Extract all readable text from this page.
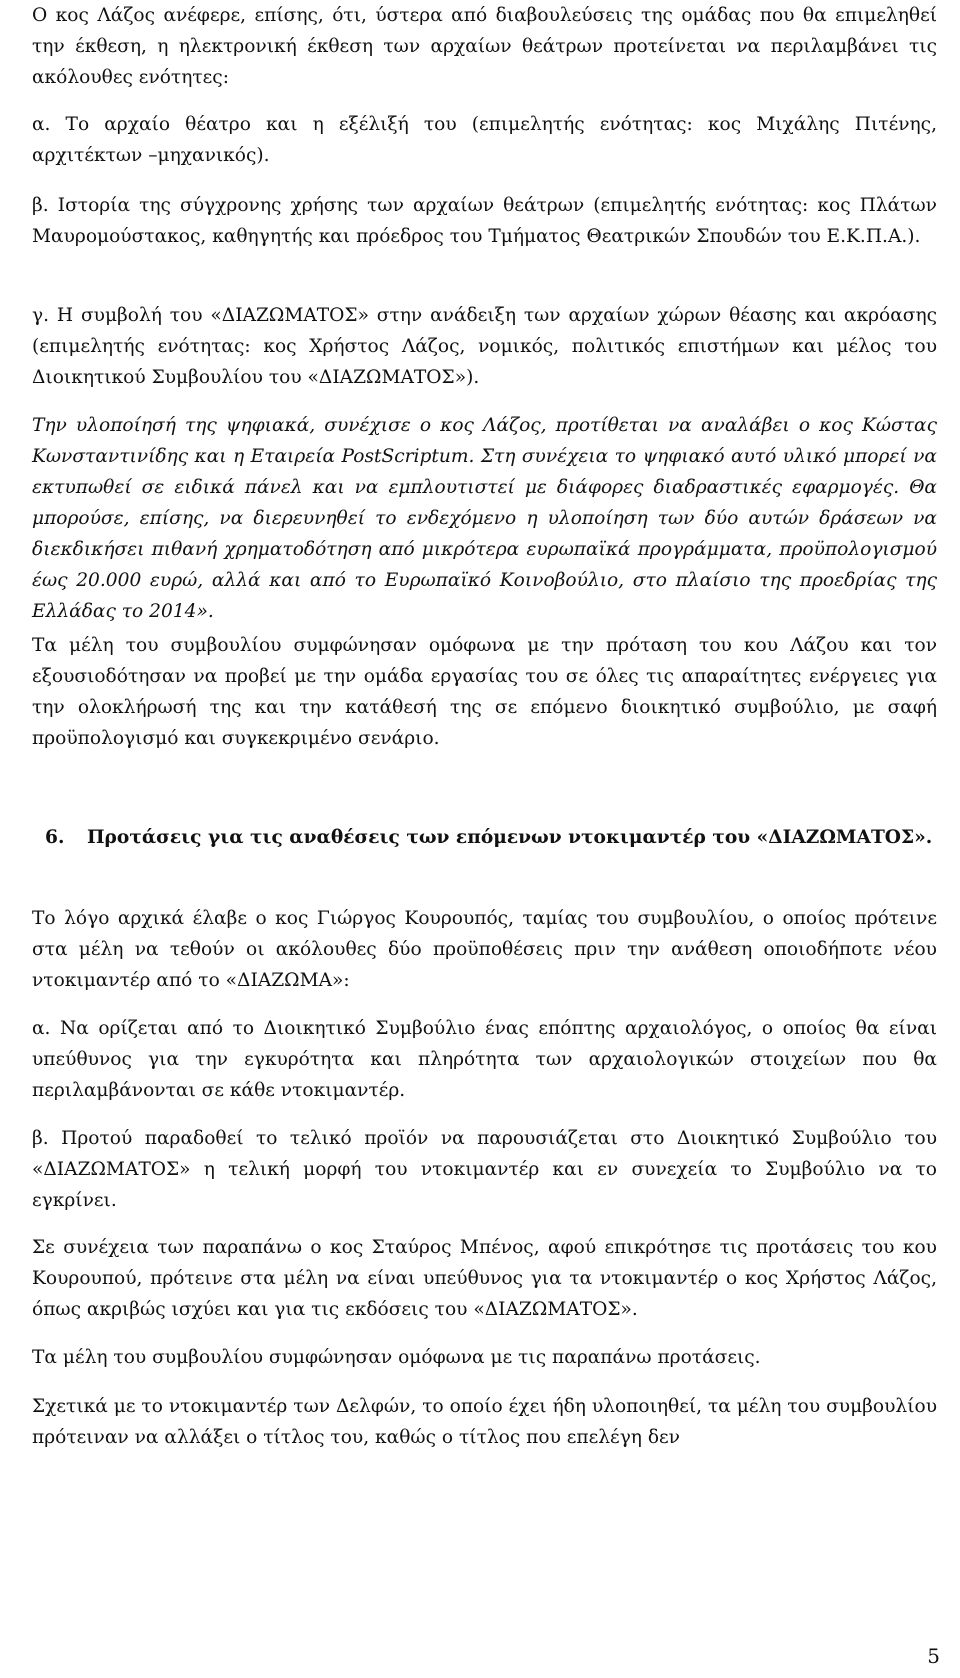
Ο κος Λάζος ανέφερε, επίσης, ότι, ύστερα από διαβουλεύσεις της ομάδας που θα επιμεληθεί την έκθεση, η ηλεκτρονική έκθεση των αρχαίων θεάτρων προτείνεται να περιλαμβάνει τις ακόλουθες ενότητες:

α. Το αρχαίο θέατρο και η εξέλιξή του (επιμελητής ενότητας: κος Μιχάλης Πιτένης, αρχιτέκτων –μηχανικός).

β. Ιστορία της σύγχρονης χρήσης των αρχαίων θεάτρων (επιμελητής ενότητας: κος Πλάτων Μαυρομούστακος, καθηγητής και πρόεδρος του Τμήματος Θεατρικών Σπουδών του Ε.Κ.Π.Α.).

γ. Η συμβολή του «ΔΙΑΖΩΜΑΤΟΣ» στην ανάδειξη των αρχαίων χώρων θέασης και ακρόασης (επιμελητής ενότητας: κος Χρήστος Λάζος, νομικός, πολιτικός επιστήμων και μέλος του Διοικητικού Συμβουλίου του «ΔΙΑΖΩΜΑΤΟΣ»).

Την υλοποίησή της ψηφιακά, συνέχισε ο κος Λάζος, προτίθεται να αναλάβει ο κος Κώστας Κωνσταντινίδης και η Εταιρεία PostScriptum. Στη συνέχεια το ψηφιακό αυτό υλικό μπορεί να εκτυπωθεί σε ειδικά πάνελ και να εμπλουτιστεί με διάφορες διαδραστικές εφαρμογές. Θα μπορούσε, επίσης, να διερευνηθεί το ενδεχόμενο η υλοποίηση των δύο αυτών δράσεων να διεκδικήσει πιθανή χρηματοδότηση από μικρότερα ευρωπαϊκά προγράμματα, προϋπολογισμού έως 20.000 ευρώ, αλλά και από το Ευρωπαϊκό Κοινοβούλιο, στο πλαίσιο της προεδρίας της Ελλάδας το 2014».

Τα μέλη του συμβουλίου συμφώνησαν ομόφωνα με την πρόταση του κου Λάζου και τον εξουσιοδότησαν να προβεί με την ομάδα εργασίας του σε όλες τις απαραίτητες ενέργειες για την ολοκλήρωσή της και την κατάθεσή της σε επόμενο διοικητικό συμβούλιο, με σαφή προϋπολογισμό και συγκεκριμένο σενάριο.

6. Προτάσεις για τις αναθέσεις των επόμενων ντοκιμαντέρ του «ΔΙΑΖΩΜΑΤΟΣ».

Το λόγο αρχικά έλαβε ο κος Γιώργος Κουρουπός, ταμίας του συμβουλίου, ο οποίος πρότεινε στα μέλη να τεθούν οι ακόλουθες δύο προϋποθέσεις πριν την ανάθεση οποιοδήποτε νέου ντοκιμαντέρ από το «ΔΙΑΖΩΜΑ»:

α. Να ορίζεται από το Διοικητικό Συμβούλιο ένας επόπτης αρχαιολόγος, ο οποίος θα είναι υπεύθυνος για την εγκυρότητα και πληρότητα των αρχαιολογικών στοιχείων που θα περιλαμβάνονται σε κάθε ντοκιμαντέρ.

β. Προτού παραδοθεί το τελικό προϊόν να παρουσιάζεται στο Διοικητικό Συμβούλιο του «ΔΙΑΖΩΜΑΤΟΣ» η τελική μορφή του ντοκιμαντέρ και εν συνεχεία το Συμβούλιο να το εγκρίνει.

Σε συνέχεια των παραπάνω ο κος Σταύρος Μπένος, αφού επικρότησε τις προτάσεις του κου Κουρουπού, πρότεινε στα μέλη να είναι υπεύθυνος για τα ντοκιμαντέρ ο κος Χρήστος Λάζος, όπως ακριβώς ισχύει και για τις εκδόσεις του «ΔΙΑΖΩΜΑΤΟΣ».

Τα μέλη του συμβουλίου συμφώνησαν ομόφωνα με τις παραπάνω προτάσεις.

Σχετικά με το ντοκιμαντέρ των Δελφών, το οποίο έχει ήδη υλοποιηθεί, τα μέλη του συμβουλίου πρότειναν να αλλάξει ο τίτλος του, καθώς ο τίτλος που επελέγη δεν

5
